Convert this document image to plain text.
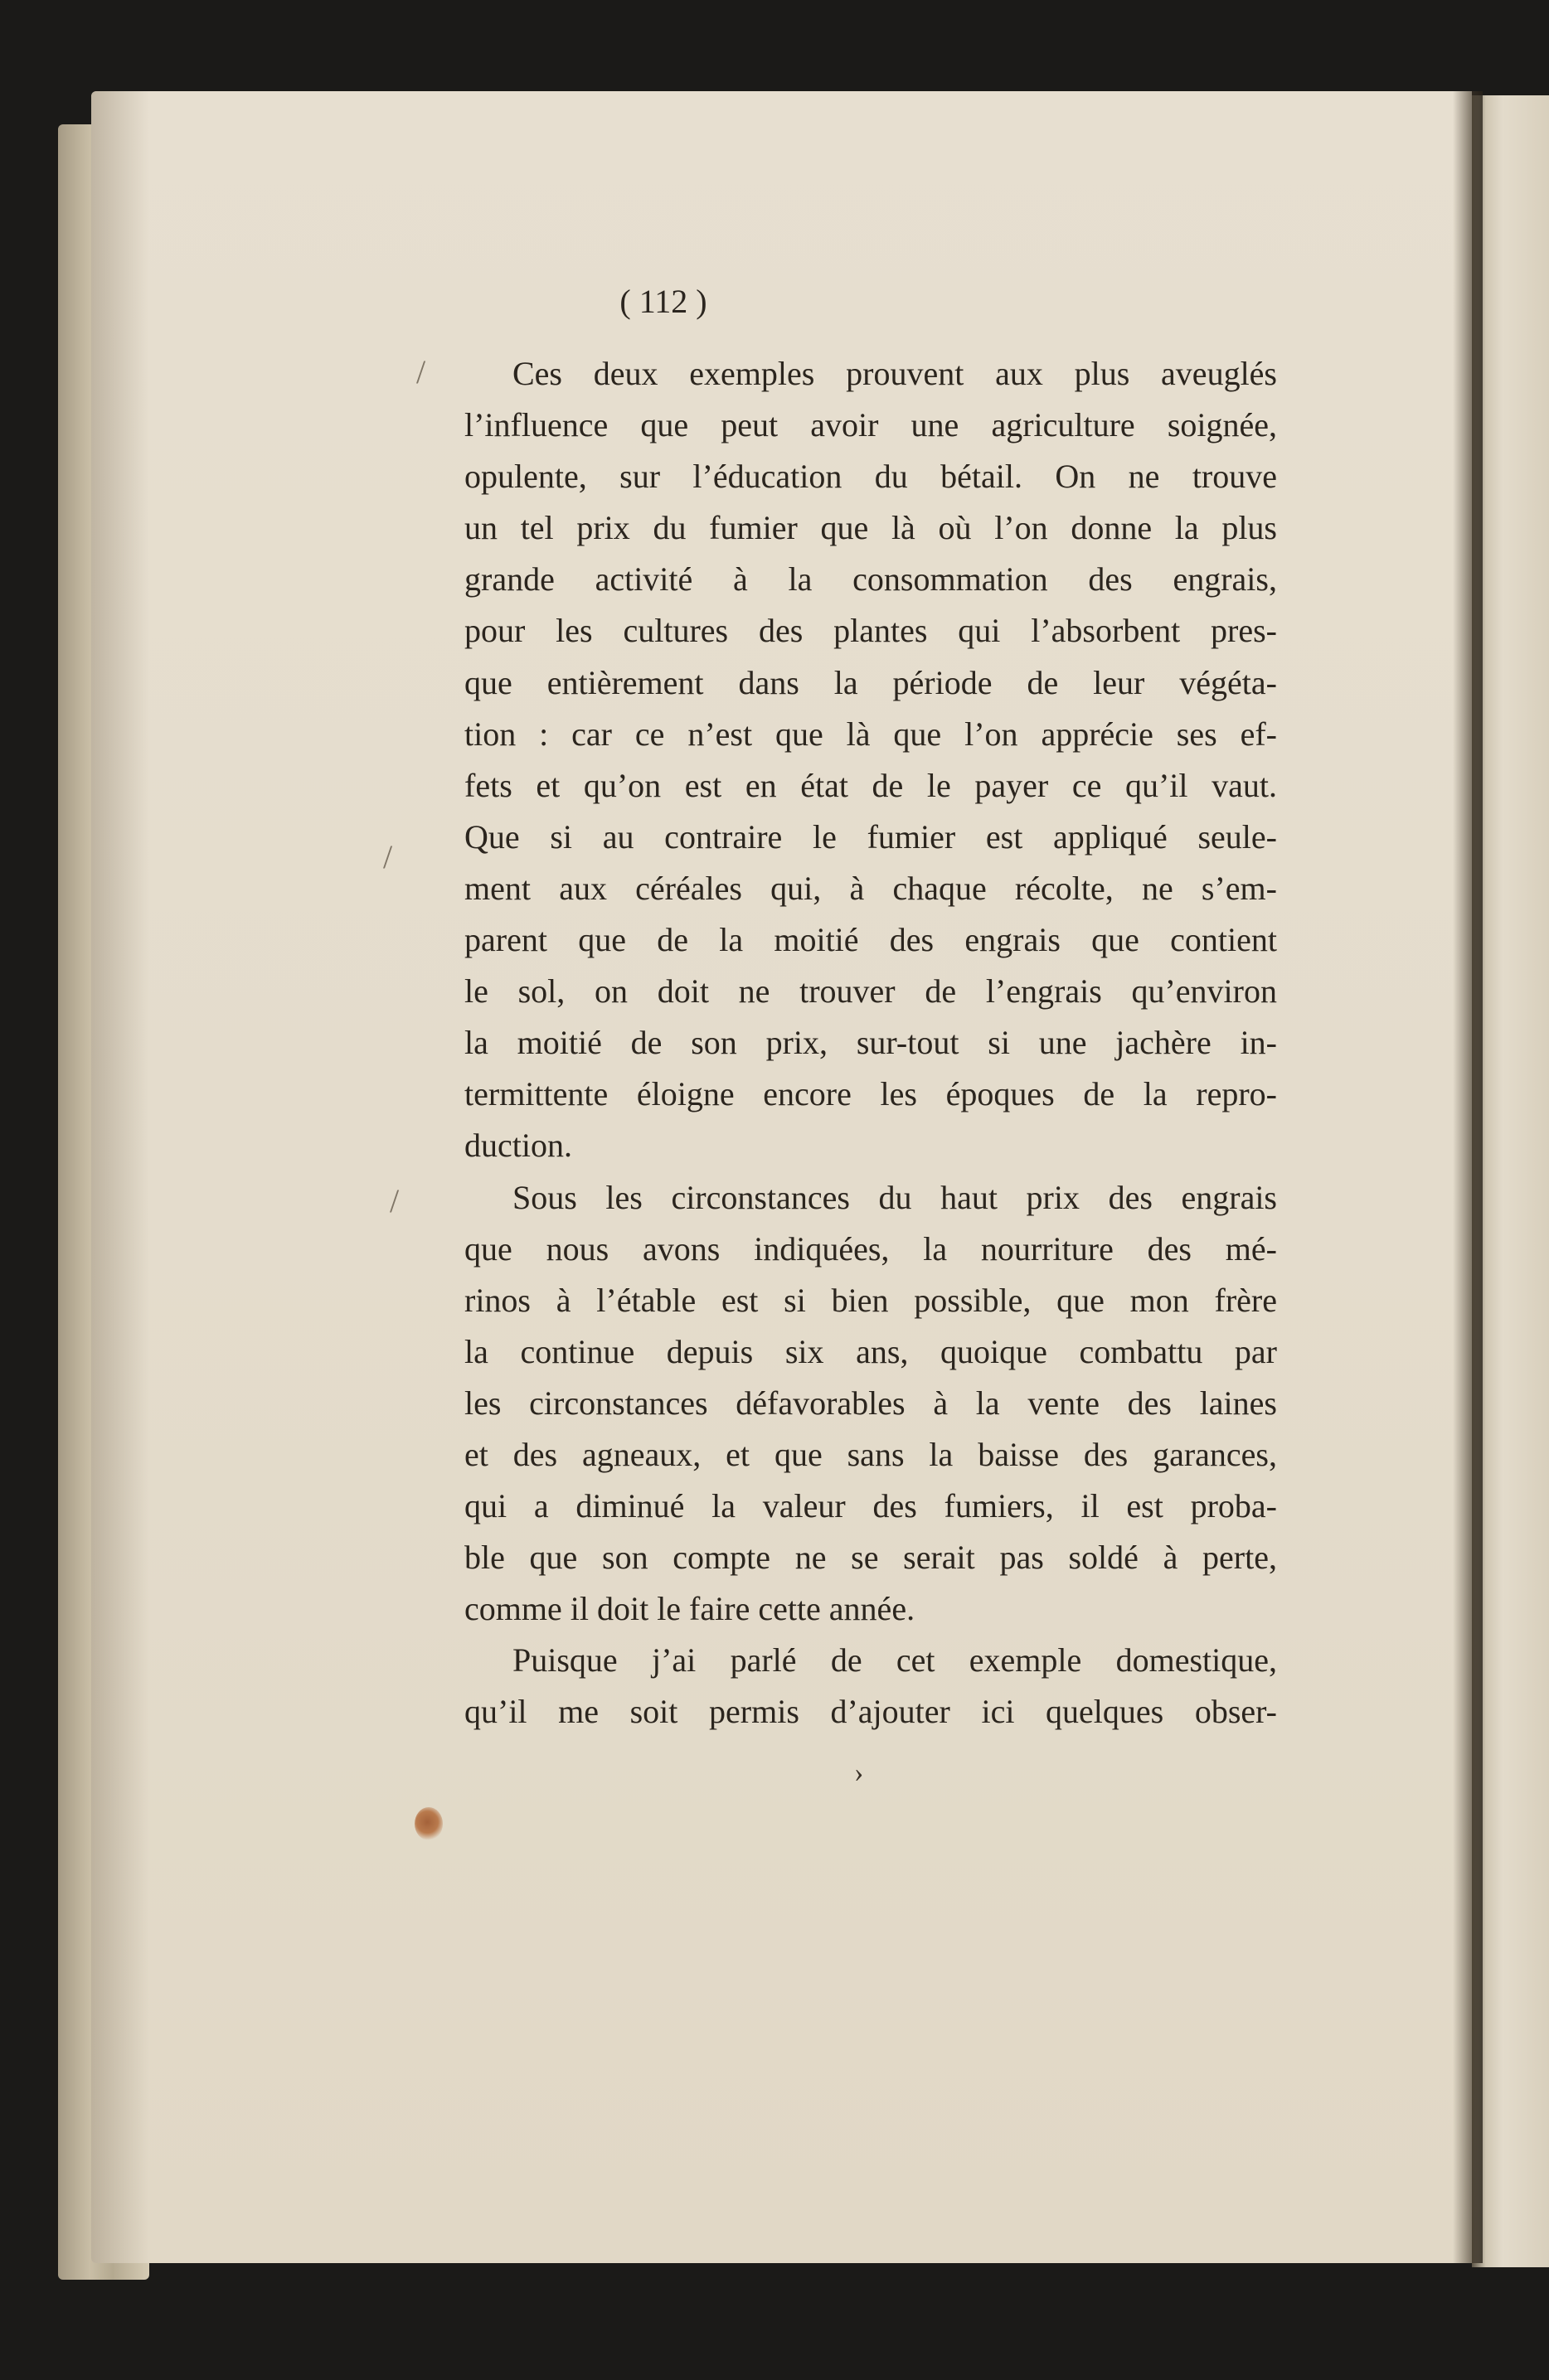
( 112 )
/
/
/
›
Ces deux exemples prouvent aux plus aveuglés
l’influence que peut avoir une agriculture soignée,
opulente, sur l’éducation du bétail. On ne trouve
un tel prix du fumier que là où l’on donne la plus
grande activité à la consommation des engrais,
pour les cultures des plantes qui l’absorbent pres-
que entièrement dans la période de leur végéta-
tion : car ce n’est que là que l’on apprécie ses ef-
fets et qu’on est en état de le payer ce qu’il vaut.
Que si au contraire le fumier est appliqué seule-
ment aux céréales qui, à chaque récolte, ne s’em-
parent que de la moitié des engrais que contient
le sol, on doit ne trouver de l’engrais qu’environ
la moitié de son prix, sur-tout si une jachère in-
termittente éloigne encore les époques de la repro-
duction.
Sous les circonstances du haut prix des engrais
que nous avons indiquées, la nourriture des mé-
rinos à l’étable est si bien possible, que mon frère
la continue depuis six ans, quoique combattu par
les circonstances défavorables à la vente des laines
et des agneaux, et que sans la baisse des garances,
qui a diminué la valeur des fumiers, il est proba-
ble que son compte ne se serait pas soldé à perte,
comme il doit le faire cette année.
Puisque j’ai parlé de cet exemple domestique,
qu’il me soit permis d’ajouter ici quelques obser-
